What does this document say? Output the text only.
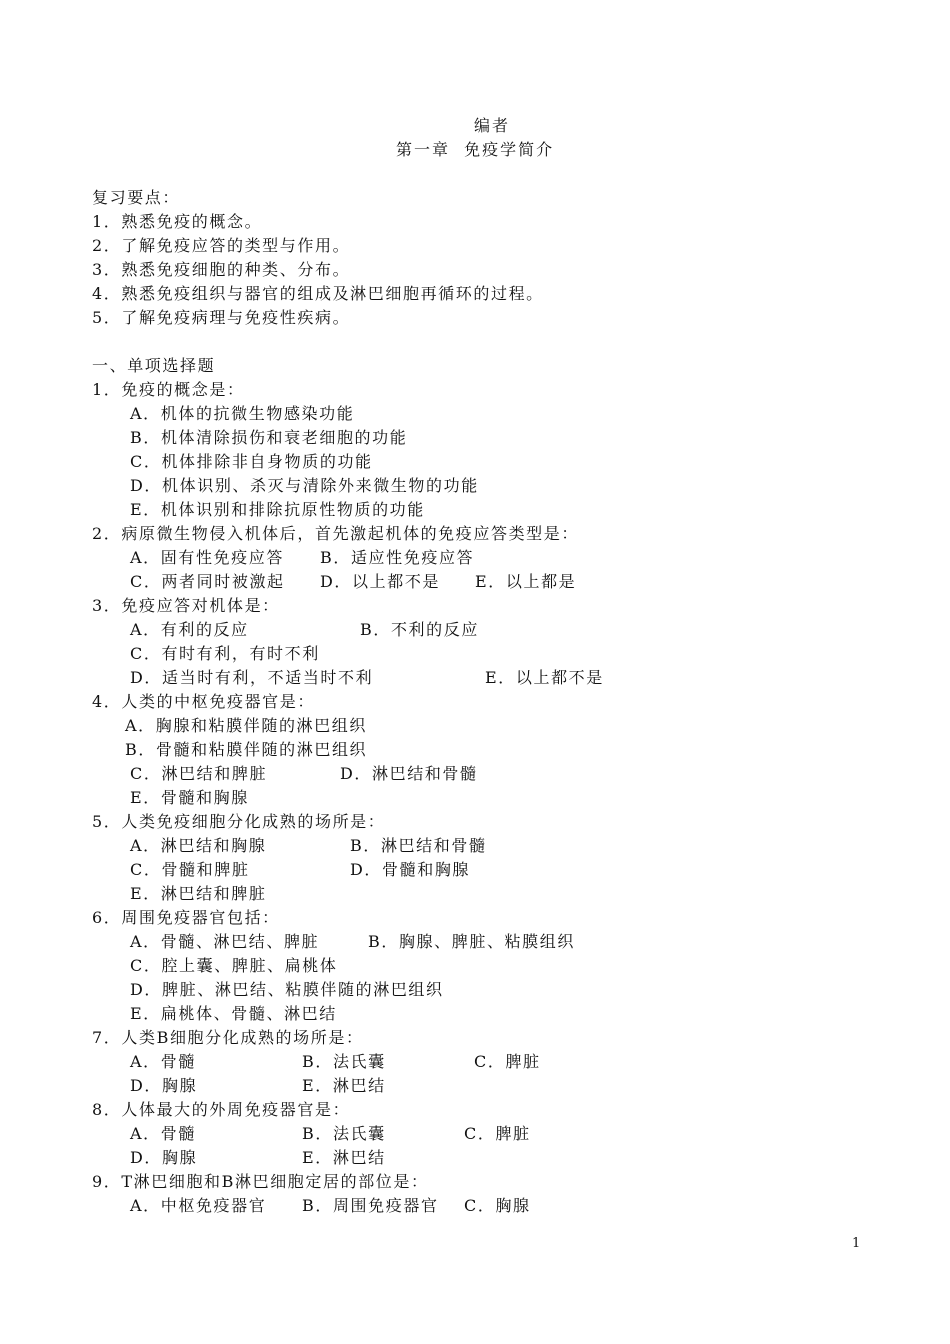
编者
第一章  免疫学简介
复习要点：
1．熟悉免疫的概念。
2．了解免疫应答的类型与作用。
3．熟悉免疫细胞的种类、分布。
4．熟悉免疫组织与器官的组成及淋巴细胞再循环的过程。
5．了解免疫病理与免疫性疾病。
一、单项选择题
1．免疫的概念是：
A．机体的抗微生物感染功能
B．机体清除损伤和衰老细胞的功能
C．机体排除非自身物质的功能
D．机体识别、杀灭与清除外来微生物的功能
E．机体识别和排除抗原性物质的功能
2．病原微生物侵入机体后，首先激起机体的免疫应答类型是：
A．固有性免疫应答 B．适应性免疫应答
C．两者同时被激起 D．以上都不是 E．以上都是
3．免疫应答对机体是：
A．有利的反应	B．不利的反应
C．有时有利，有时不利
D．适当时有利，不适当时不利	E．以上都不是
4．人类的中枢免疫器官是：
A．胸腺和粘膜伴随的淋巴组织
B．骨髓和粘膜伴随的淋巴组织
C．淋巴结和脾脏	D．淋巴结和骨髓
E．骨髓和胸腺
5．人类免疫细胞分化成熟的场所是：
A．淋巴结和胸腺	B．淋巴结和骨髓
C．骨髓和脾脏	D．骨髓和胸腺
E．淋巴结和脾脏
6．周围免疫器官包括：
A．骨髓、淋巴结、脾脏	B．胸腺、脾脏、粘膜组织
C．腔上囊、脾脏、扁桃体
D．脾脏、淋巴结、粘膜伴随的淋巴组织
E．扁桃体、骨髓、淋巴结
7．人类B细胞分化成熟的场所是：
A．骨髓	B．法氏囊	C．脾脏
D．胸腺	E．淋巴结
8．人体最大的外周免疫器官是：
A．骨髓	B．法氏囊	C．脾脏
D．胸腺	E．淋巴结
9．T淋巴细胞和B淋巴细胞定居的部位是：
A．中枢免疫器官 B．周围免疫器官 C．胸腺
1
